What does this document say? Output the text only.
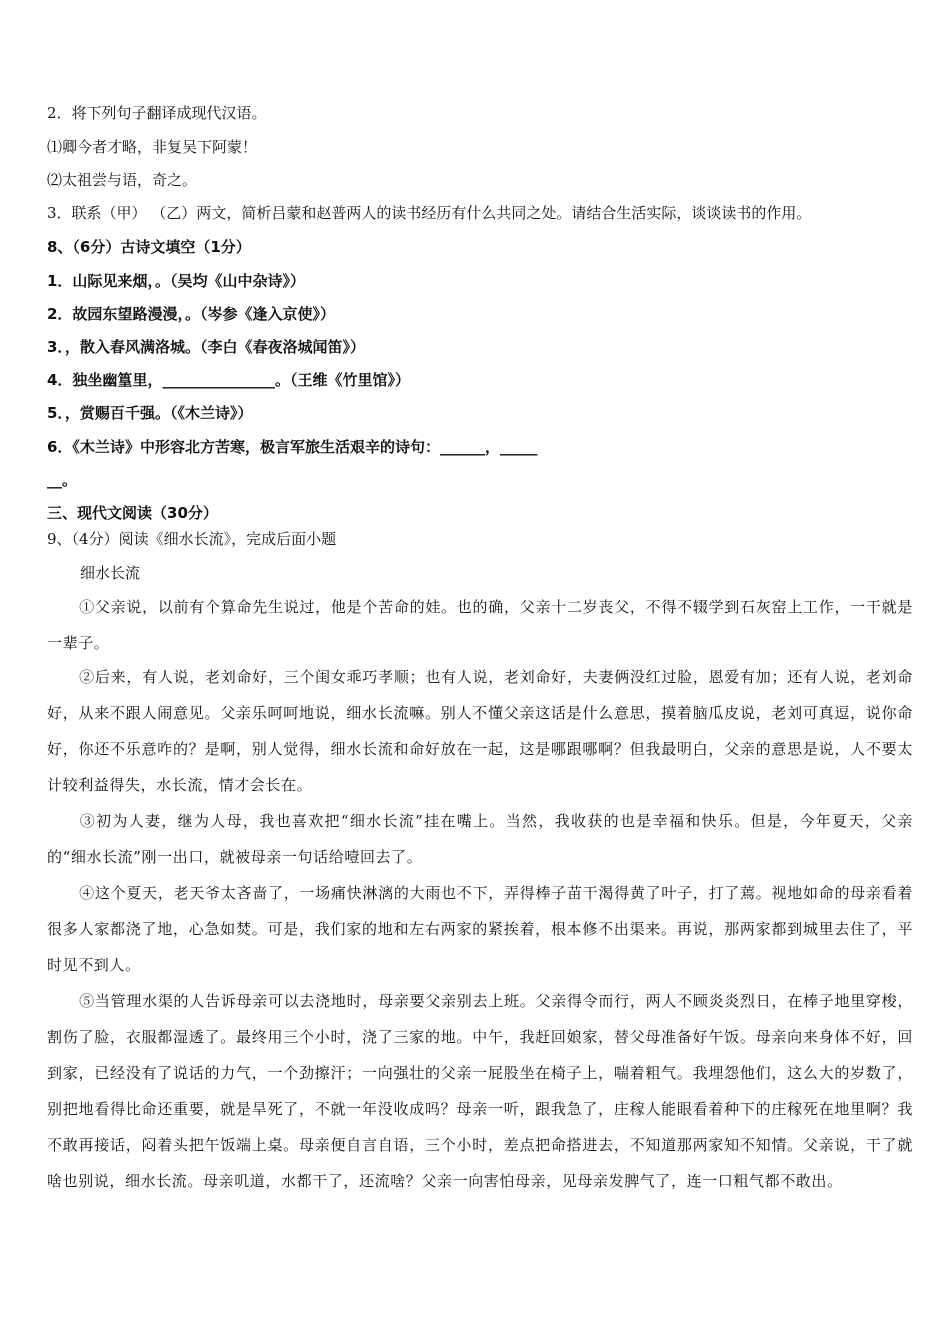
2．将下列句子翻译成现代汉语。
⑴卿今者才略，非复吴下阿蒙！
⑵太祖尝与语，奇之。
3．联系（甲） （乙）两文，简析吕蒙和赵普两人的读书经历有什么共同之处。请结合生活实际，谈谈读书的作用。
8、（6分）古诗文填空（1分）
1．山际见来烟，。（吴均《山中杂诗》）
2．故园东望路漫漫，。（岑参《逢入京使》）
3．，散入春风满洛城。（李白《春夜洛城闻笛》）
4．独坐幽篁里，_______________。（王维《竹里馆》）
5．，赏赐百千强。（《木兰诗》）
6．《木兰诗》中形容北方苦寒，极言军旅生活艰辛的诗句：______，_____
__。
三、现代文阅读（30分）
9、（4分）阅读《细水长流》，完成后面小题
细水长流
①父亲说，以前有个算命先生说过，他是个苦命的娃。也的确，父亲十二岁丧父，不得不辍学到石灰窑上工作，一干就是一辈子。
②后来，有人说，老刘命好，三个闺女乖巧孝顺；也有人说，老刘命好，夫妻俩没红过脸，恩爱有加；还有人说，老刘命好，从来不跟人闹意见。父亲乐呵呵地说，细水长流嘛。别人不懂父亲这话是什么意思，摸着脑瓜皮说，老刘可真逗，说你命好，你还不乐意咋的？是啊，别人觉得，细水长流和命好放在一起，这是哪跟哪啊？但我最明白，父亲的意思是说，人不要太计较利益得失，水长流，情才会长在。
③初为人妻，继为人母，我也喜欢把“细水长流”挂在嘴上。当然，我收获的也是幸福和快乐。但是，今年夏天，父亲的“细水长流”刚一出口，就被母亲一句话给噎回去了。
④这个夏天，老天爷太吝啬了，一场痛快淋漓的大雨也不下，弄得棒子苗干渴得黄了叶子，打了蔫。视地如命的母亲看着很多人家都浇了地，心急如焚。可是，我们家的地和左右两家的紧挨着，根本修不出渠来。再说，那两家都到城里去住了，平时见不到人。
⑤当管理水渠的人告诉母亲可以去浇地时，母亲要父亲别去上班。父亲得令而行，两人不顾炎炎烈日，在棒子地里穿梭，割伤了脸，衣服都湿透了。最终用三个小时，浇了三家的地。中午，我赶回娘家，替父母准备好午饭。母亲向来身体不好，回到家，已经没有了说话的力气，一个劲擦汗；一向强壮的父亲一屁股坐在椅子上，喘着粗气。我埋怨他们，这么大的岁数了，别把地看得比命还重要，就是旱死了，不就一年没收成吗？母亲一听，跟我急了，庄稼人能眼看着种下的庄稼死在地里啊？我不敢再接话，闷着头把午饭端上桌。母亲便自言自语，三个小时，差点把命搭进去，不知道那两家知不知情。父亲说，干了就啥也别说，细水长流。母亲叽道，水都干了，还流啥？父亲一向害怕母亲，见母亲发脾气了，连一口粗气都不敢出。
